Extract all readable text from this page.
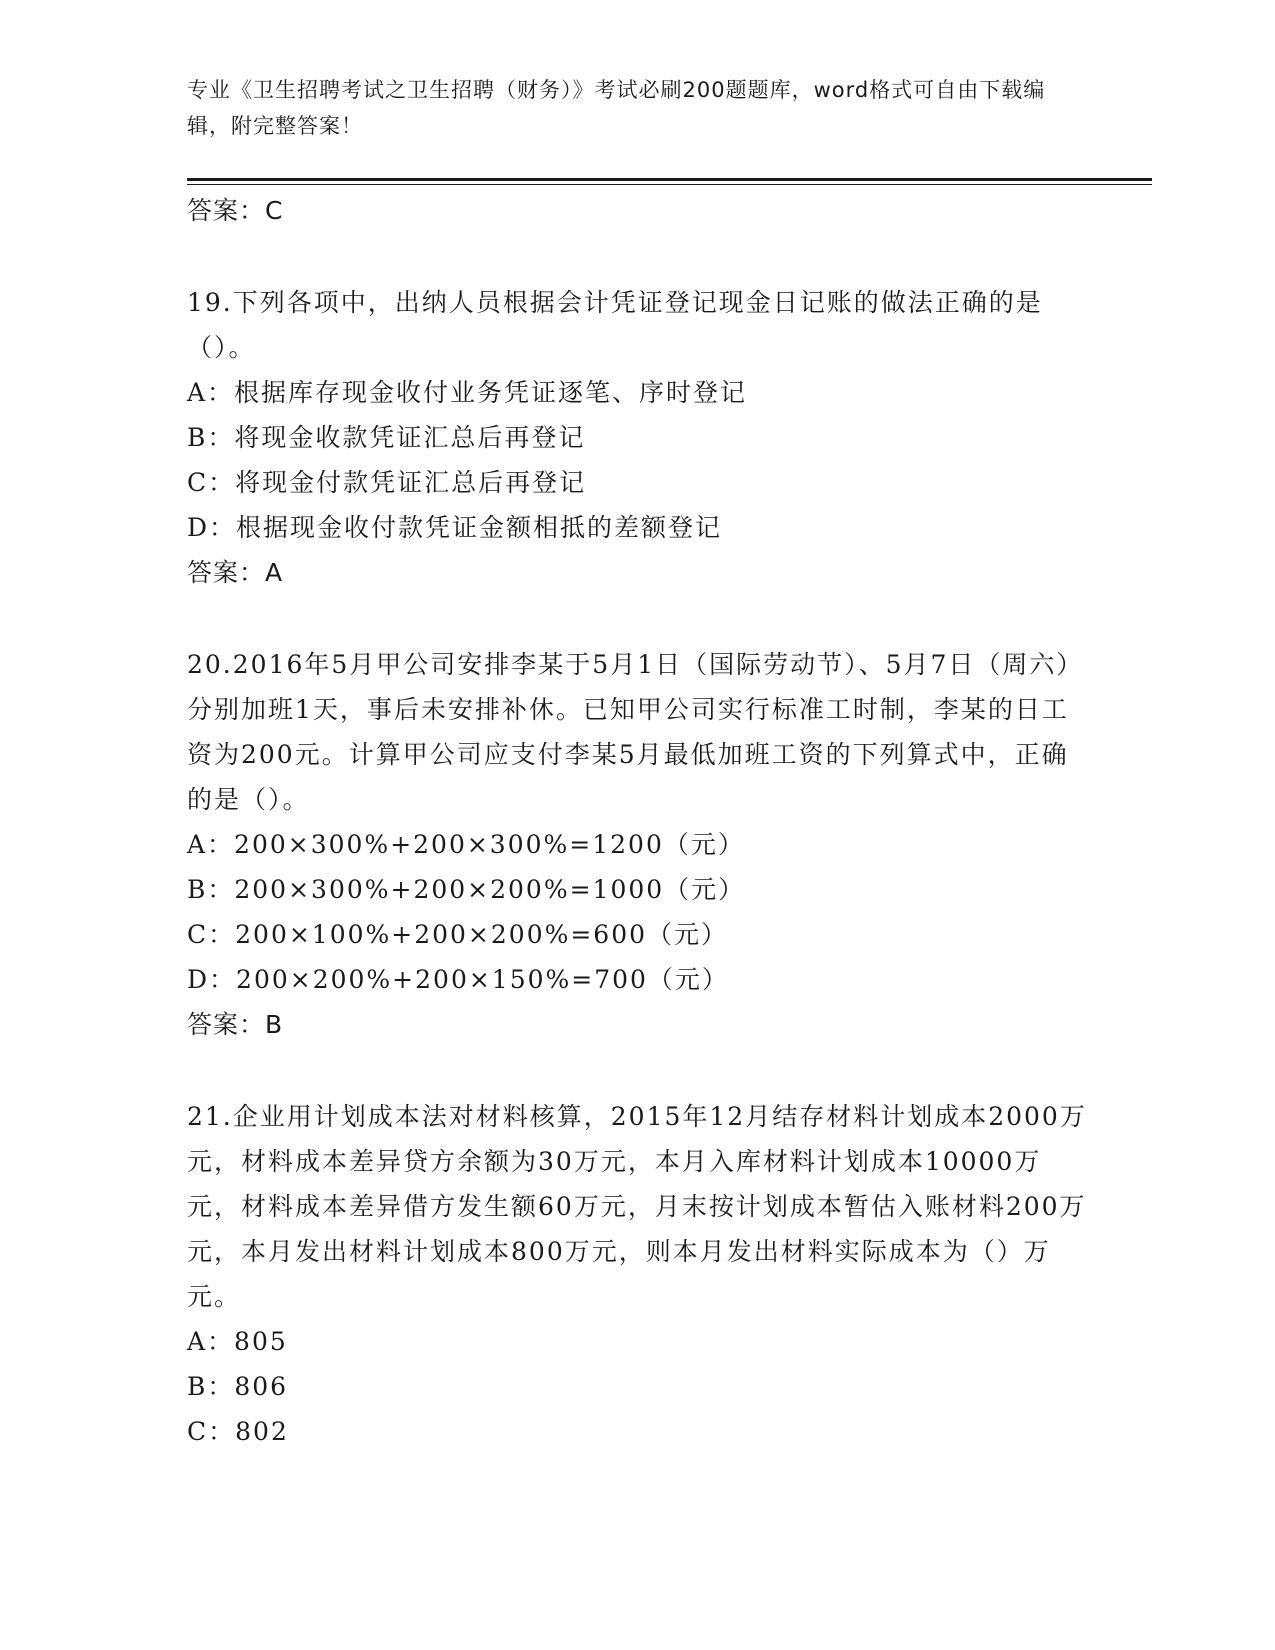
专业《卫生招聘考试之卫生招聘（财务）》考试必刷200题题库，word格式可自由下载编辑，附完整答案！

答案：C

19.下列各项中，出纳人员根据会计凭证登记现金日记账的做法正确的是（）。

A：根据库存现金收付业务凭证逐笔、序时登记

B：将现金收款凭证汇总后再登记

C：将现金付款凭证汇总后再登记

D：根据现金收付款凭证金额相抵的差额登记

答案：A

20.2016年5月甲公司安排李某于5月1日（国际劳动节）、5月7日（周六）分别加班1天，事后未安排补休。已知甲公司实行标准工时制，李某的日工资为200元。计算甲公司应支付李某5月最低加班工资的下列算式中，正确的是（）。

A：200×300%+200×300%=1200（元）

B：200×300%+200×200%=1000（元）

C：200×100%+200×200%=600（元）

D：200×200%+200×150%=700（元）

答案：B

21.企业用计划成本法对材料核算，2015年12月结存材料计划成本2000万元，材料成本差异贷方余额为30万元，本月入库材料计划成本10000万元，材料成本差异借方发生额60万元，月末按计划成本暂估入账材料200万元，本月发出材料计划成本800万元，则本月发出材料实际成本为（）万元。

A：805

B：806

C：802
